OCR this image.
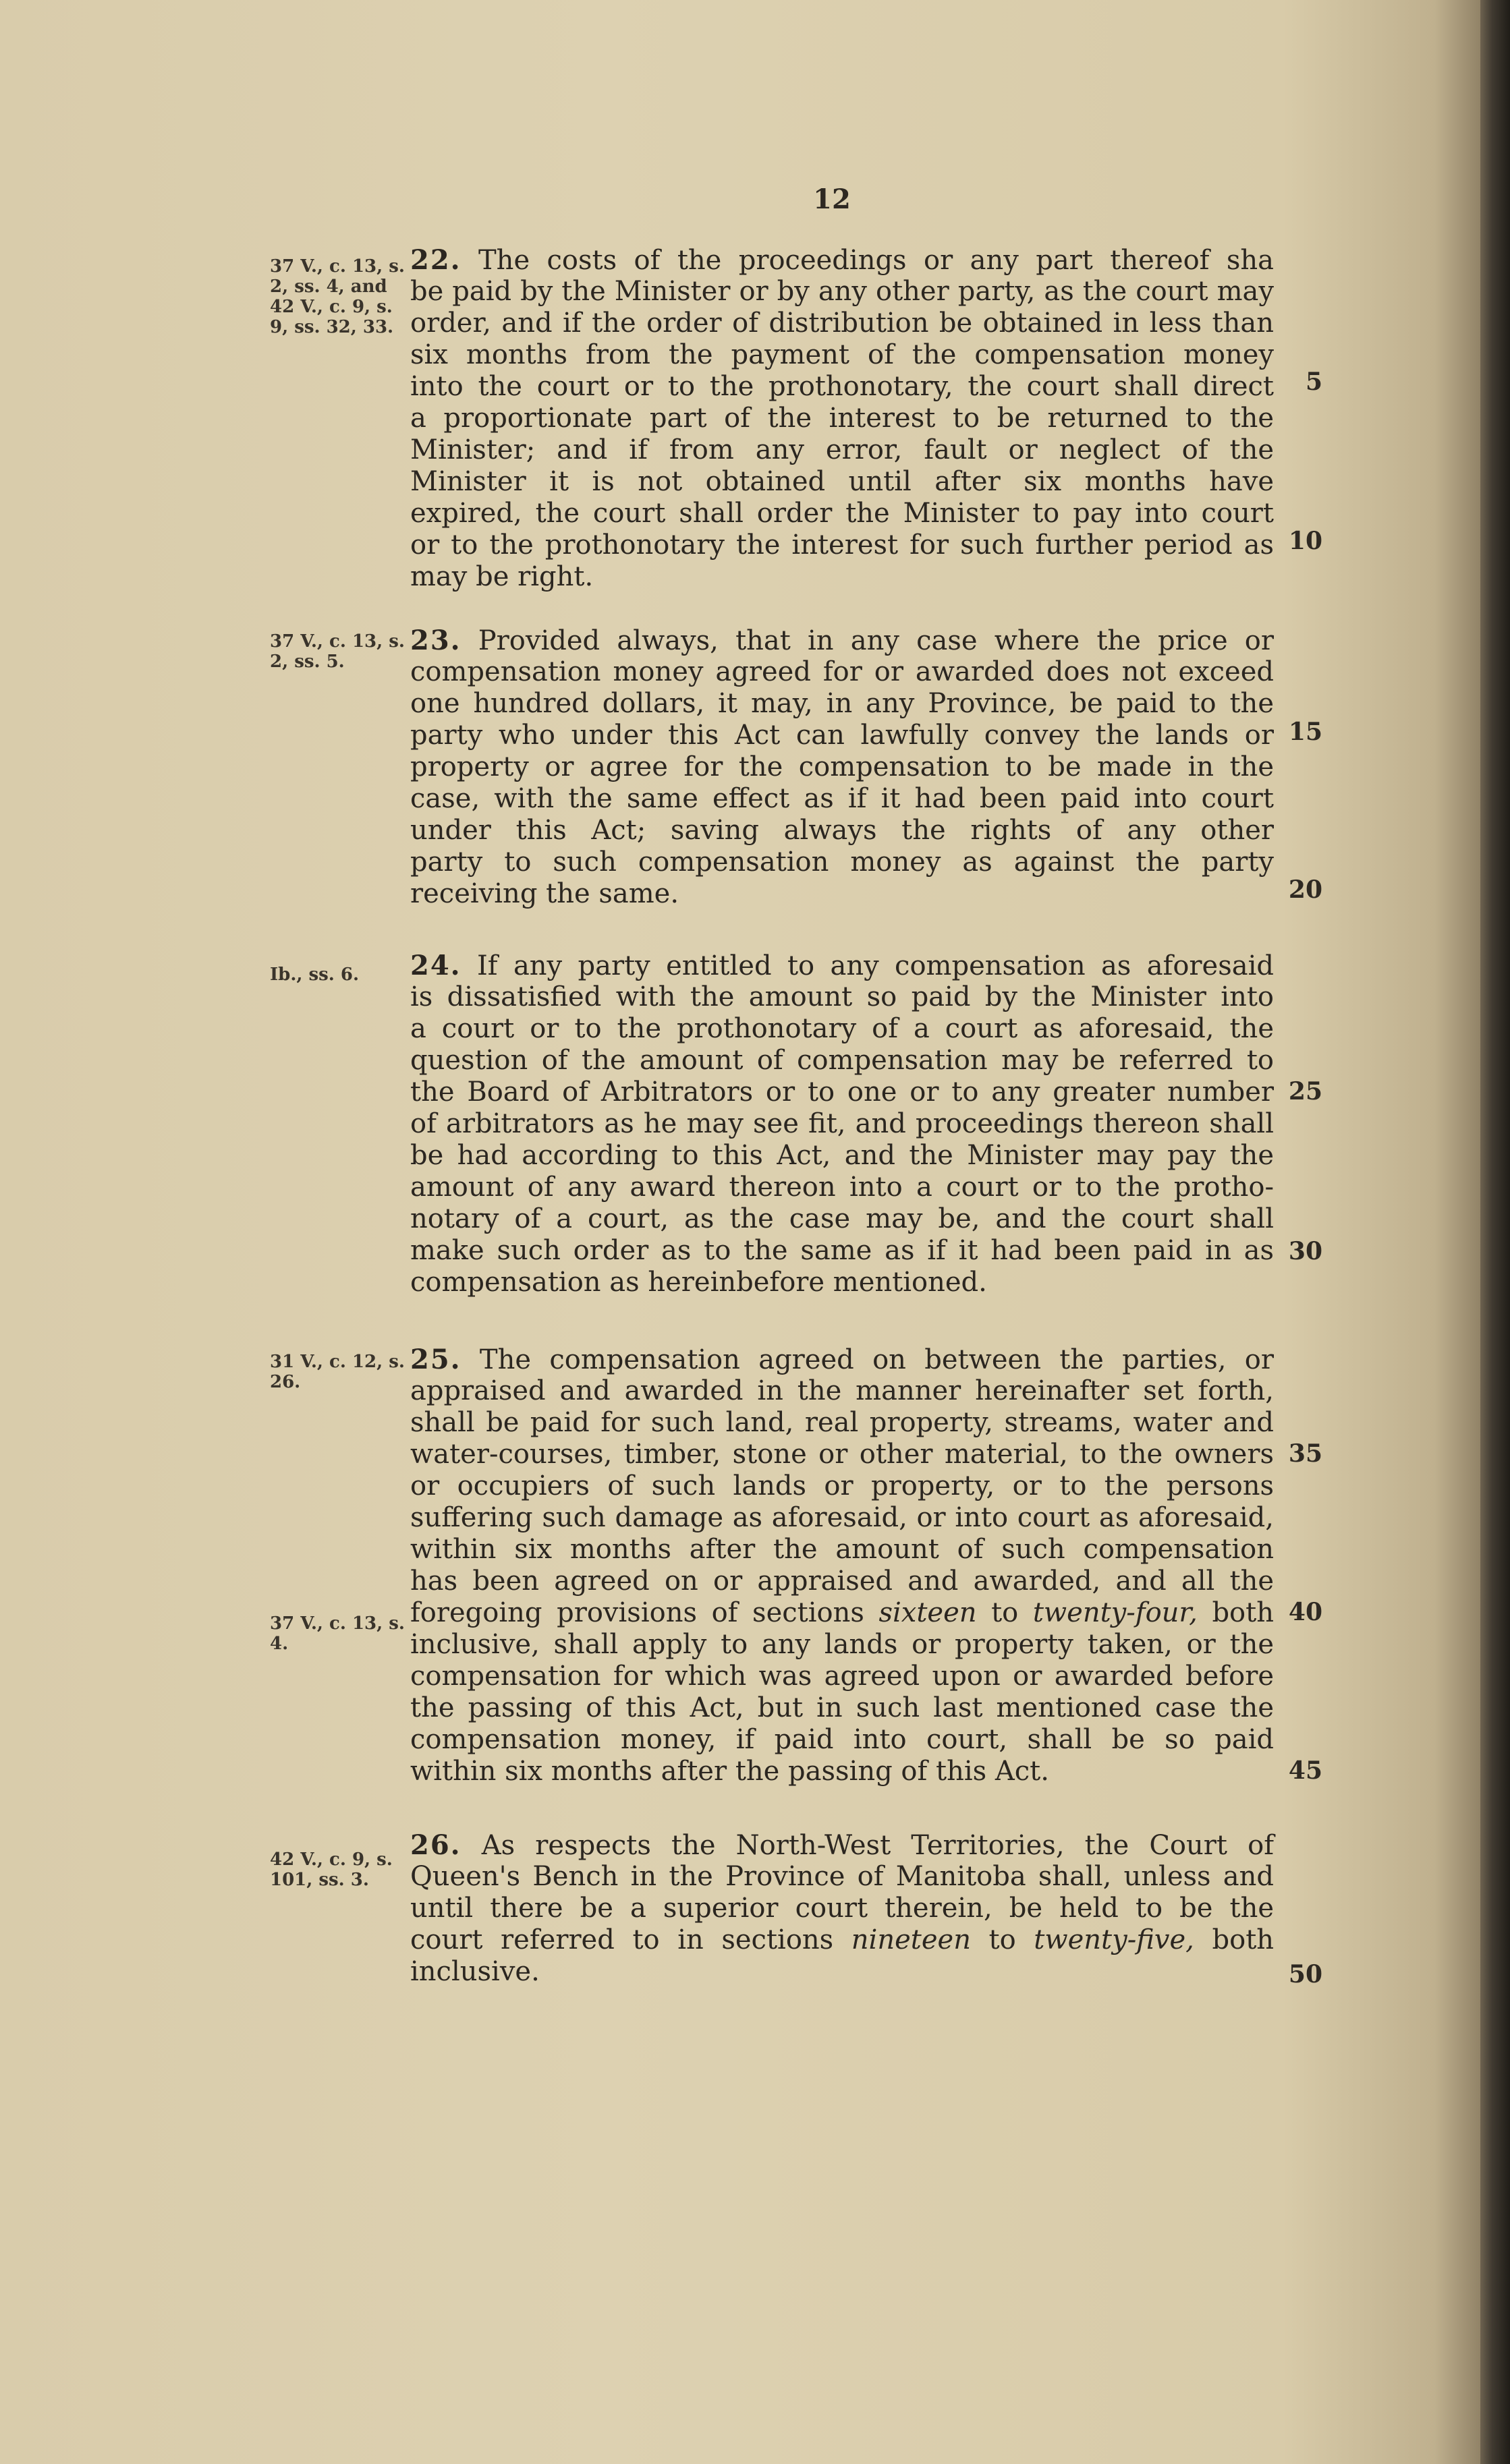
12
37 V., c. 13, s.
2, ss. 4, and
42 V., c. 9, s.
9, ss. 32, 33.
22. The costs of the proceedings or any part thereof sha
be paid by the Minister or by any other party, as the court may
order, and if the order of distribution be obtained in less than
six months from the payment of the compensation money
into the court or to the prothonotary, the court shall direct
a proportionate part of the interest to be returned to the
Minister; and if from any error, fault or neglect of the
Minister it is not obtained until after six months have
expired, the court shall order the Minister to pay into court
or to the prothonotary the interest for such further period as
may be right.
37 V., c. 13, s.
2, ss. 5.
23. Provided always, that in any case where the price or
compensation money agreed for or awarded does not exceed
one hundred dollars, it may, in any Province, be paid to the
party who under this Act can lawfully convey the lands or
property or agree for the compensation to be made in the
case, with the same effect as if it had been paid into court
under this Act; saving always the rights of any other
party to such compensation money as against the party
receiving the same.
Ib., ss. 6.	24. If any party entitled to any compensation as aforesaid
is dissatisfied with the amount so paid by the Minister into
a court or to the prothonotary of a court as aforesaid, the
question of the amount of compensation may be referred to
the Board of Arbitrators or to one or to any greater number
of arbitrators as he may see fit, and proceedings thereon shall
be had according to this Act, and the Minister may pay the
amount of any award thereon into a court or to the protho-
notary of a court, as the case may be, and the court shall
make such order as to the same as if it had been paid in as
compensation as hereinbefore mentioned.
31 V., c. 12, s.
26.
37 V., c. 13, s.
4.
25. The compensation agreed on between the parties, or
appraised and awarded in the manner hereinafter set forth,
shall be paid for such land, real property, streams, water and
water-courses, timber, stone or other material, to the owners
or occupiers of such lands or property, or to the persons
suffering such damage as aforesaid, or into court as aforesaid,
within six months after the amount of such compensation
has been agreed on or appraised and awarded, and all the
foregoing provisions of sections sixteen to twenty-four, both
inclusive, shall apply to any lands or property taken, or the
compensation for which was agreed upon or awarded before
the passing of this Act, but in such last mentioned case the
compensation money, if paid into court, shall be so paid
within six months after the passing of this Act.
42 V., c. 9, s.
101, ss. 3.
26. As respects the North-West Territories, the Court of
Queen's Bench in the Province of Manitoba shall, unless and
until there be a superior court therein, be held to be the
court referred to in sections nineteen to twenty-five, both
inclusive.
5
10
15
20
25
30
35
40
45
50
